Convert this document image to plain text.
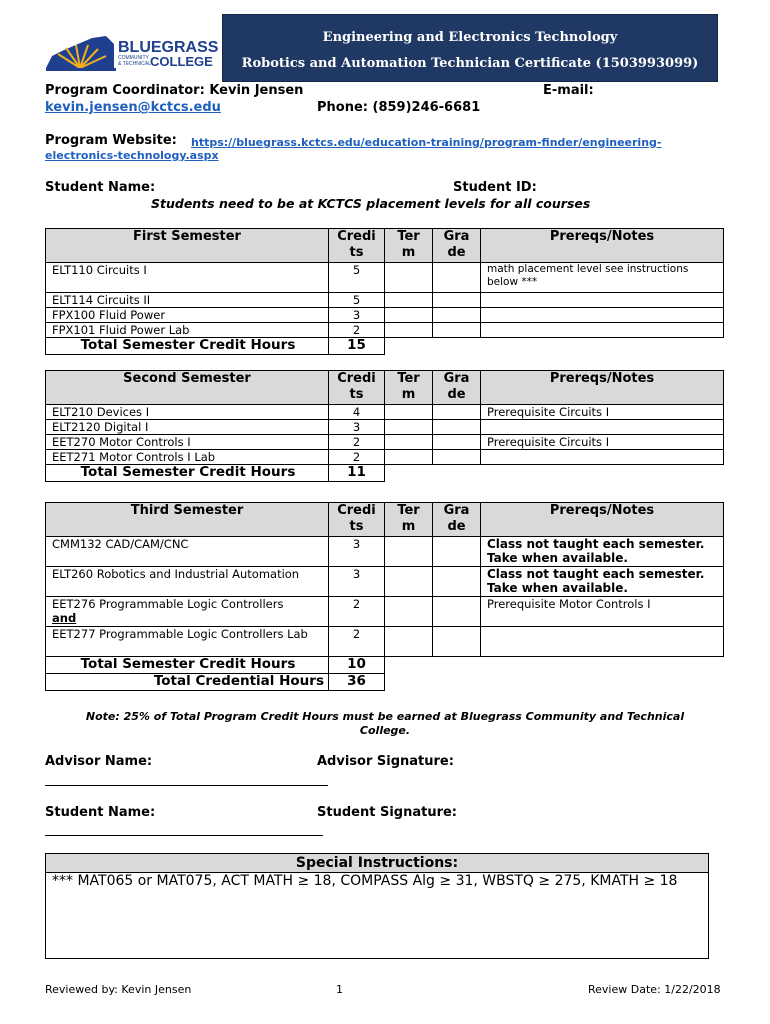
BLUEGRASS
COMMUNITY
& TECHNICAL COLLEGE
Engineering and Electronics Technology
Robotics and Automation Technician Certificate (1503993099)
Program Coordinator: Kevin Jensen	E-mail:
kevin.jensen@kctcs.edu	Phone: (859)246-6681
Program Website: https://bluegrass.kctcs.edu/education-training/program-finder/engineering-
electronics-technology.aspx
Student Name:	Student ID:
Students need to be at KCTCS placement levels for all courses
First Semester	Credi ts	Ter m	Gra de	Prereqs/Notes
ELT110 Circuits I	5			math placement level see instructions below ***
ELT114 Circuits II	5			
FPX100 Fluid Power	3			
FPX101 Fluid Power Lab	2			
Total Semester Credit Hours	15			
Second Semester	Credi ts	Ter m	Gra de	Prereqs/Notes
ELT210 Devices I	4			Prerequisite Circuits I
ELT2120 Digital I	3			
EET270 Motor Controls I	2			Prerequisite Circuits I
EET271 Motor Controls I Lab	2			
Total Semester Credit Hours	11			
Third Semester	Credi ts	Ter m	Gra de	Prereqs/Notes
CMM132 CAD/CAM/CNC	3			Class not taught each semester. Take when available.
ELT260 Robotics and Industrial Automation	3			Class not taught each semester. Take when available.

EET276 Programmable Logic Controllers
and	2			Prerequisite Motor Controls I
EET277 Programmable Logic Controllers Lab	2			
Total Semester Credit Hours	10			
Total Credential Hours	36			
Note: 25% of Total Program Credit Hours must be earned at Bluegrass Community and Technical College.
Advisor Name:	Advisor Signature:
Student Name:	Student Signature:
Special Instructions:
*** MAT065 or MAT075, ACT MATH ≥ 18, COMPASS Alg ≥ 31, WBSTQ ≥ 275, KMATH ≥ 18
Reviewed by: Kevin Jensen	1	Review Date: 1/22/2018
